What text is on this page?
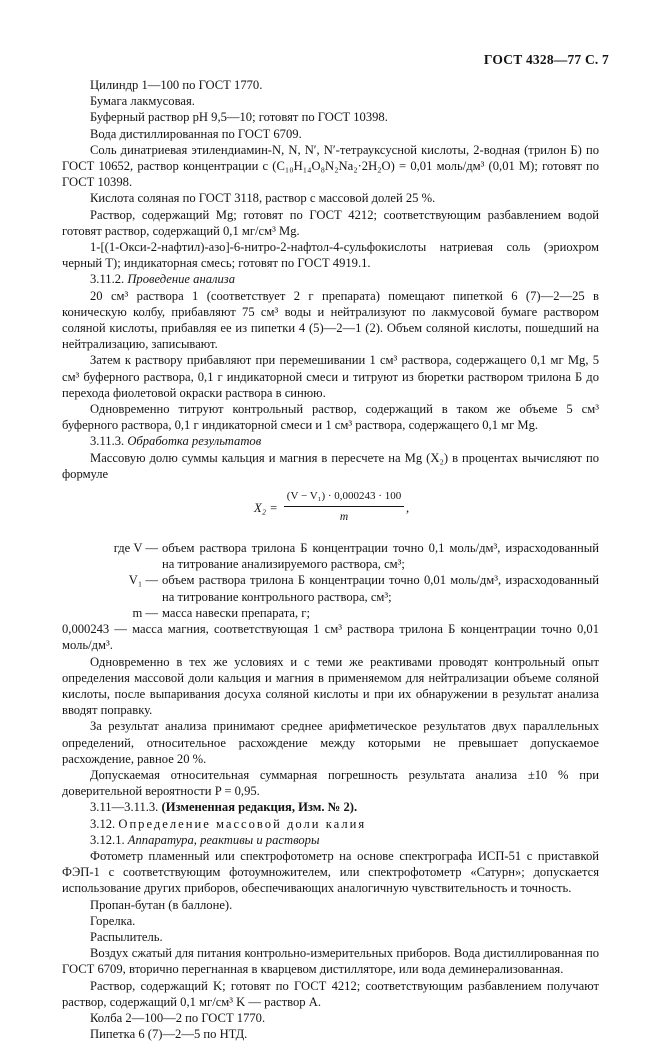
ГОСТ 4328—77 С. 7

Цилиндр 1—100 по ГОСТ 1770.

Бумага лакмусовая.

Буферный раствор рН 9,5—10; готовят по ГОСТ 10398.

Вода дистиллированная по ГОСТ 6709.

Соль динатриевая этилендиамин-N, N, N′, N′-тетрауксусной кислоты, 2-водная (трилон Б) по ГОСТ 10652, раствор концентрации с (C₁₀H₁₄O₈N₂Na₂·2H₂O) = 0,01 моль/дм³ (0,01 М); готовят по ГОСТ 10398.

Кислота соляная по ГОСТ 3118, раствор с массовой долей 25 %.

Раствор, содержащий Mg; готовят по ГОСТ 4212; соответствующим разбавлением водой готовят раствор, содержащий 0,1 мг/см³ Mg.

1-[(1-Окси-2-нафтил)-азо]-6-нитро-2-нафтол-4-сульфокислоты натриевая соль (эриохром черный Т); индикаторная смесь; готовят по ГОСТ 4919.1.

3.11.2. Проведение анализа

20 см³ раствора 1 (соответствует 2 г препарата) помещают пипеткой 6 (7)—2—25 в коническую колбу, прибавляют 75 см³ воды и нейтрализуют по лакмусовой бумаге раствором соляной кислоты, прибавляя ее из пипетки 4 (5)—2—1 (2). Объем соляной кислоты, пошедший на нейтрализацию, записывают.

Затем к раствору прибавляют при перемешивании 1 см³ раствора, содержащего 0,1 мг Mg, 5 см³ буферного раствора, 0,1 г индикаторной смеси и титруют из бюретки раствором трилона Б до перехода фиолетовой окраски раствора в синюю.

Одновременно титруют контрольный раствор, содержащий в таком же объеме 5 см³ буферного раствора, 0,1 г индикаторной смеси и 1 см³ раствора, содержащего 0,1 мг Mg.

3.11.3. Обработка результатов

Массовую долю суммы кальция и магния в пересчете на Mg (X₂) в процентах вычисляют по формуле

$X_2 = \frac{\text{(V − V₁) · 0,000243 · 100}}{m}$ ,
где V — объем раствора трилона Б концентрации точно 0,1 моль/дм³, израсходованный на титрование анализируемого раствора, см³;
V₁ — объем раствора трилона Б концентрации точно 0,01 моль/дм³, израсходованный на титрование контрольного раствора, см³;
m — масса навески препарата, г;

0,000243 — масса магния, соответствующая 1 см³ раствора трилона Б концентрации точно 0,01 моль/дм³.

Одновременно в тех же условиях и с теми же реактивами проводят контрольный опыт определения массовой доли кальция и магния в применяемом для нейтрализации объеме соляной кислоты, после выпаривания досуха соляной кислоты и при их обнаружении в результат анализа вводят поправку.

За результат анализа принимают среднее арифметическое результатов двух параллельных определений, относительное расхождение между которыми не превышает допускаемое расхождение, равное 20 %.

Допускаемая относительная суммарная погрешность результата анализа ±10 % при доверительной вероятности P = 0,95.

3.11—3.11.3. (Измененная редакция, Изм. № 2).

3.12. Определение массовой доли калия

3.12.1. Аппаратура, реактивы и растворы

Фотометр пламенный или спектрофотометр на основе спектрографа ИСП-51 с приставкой ФЭП-1 с соответствующим фотоумножителем, или спектрофотометр «Сатурн»; допускается использование других приборов, обеспечивающих аналогичную чувствительность и точность.

Пропан-бутан (в баллоне).

Горелка.

Распылитель.

Воздух сжатый для питания контрольно-измерительных приборов. Вода дистиллированная по ГОСТ 6709, вторично перегнанная в кварцевом дистилляторе, или вода деминерализованная.

Раствор, содержащий K; готовят по ГОСТ 4212; соответствующим разбавлением получают раствор, содержащий 0,1 мг/см³ K — раствор А.

Колба 2—100—2 по ГОСТ 1770.

Пипетка 6 (7)—2—5 по НТД.
